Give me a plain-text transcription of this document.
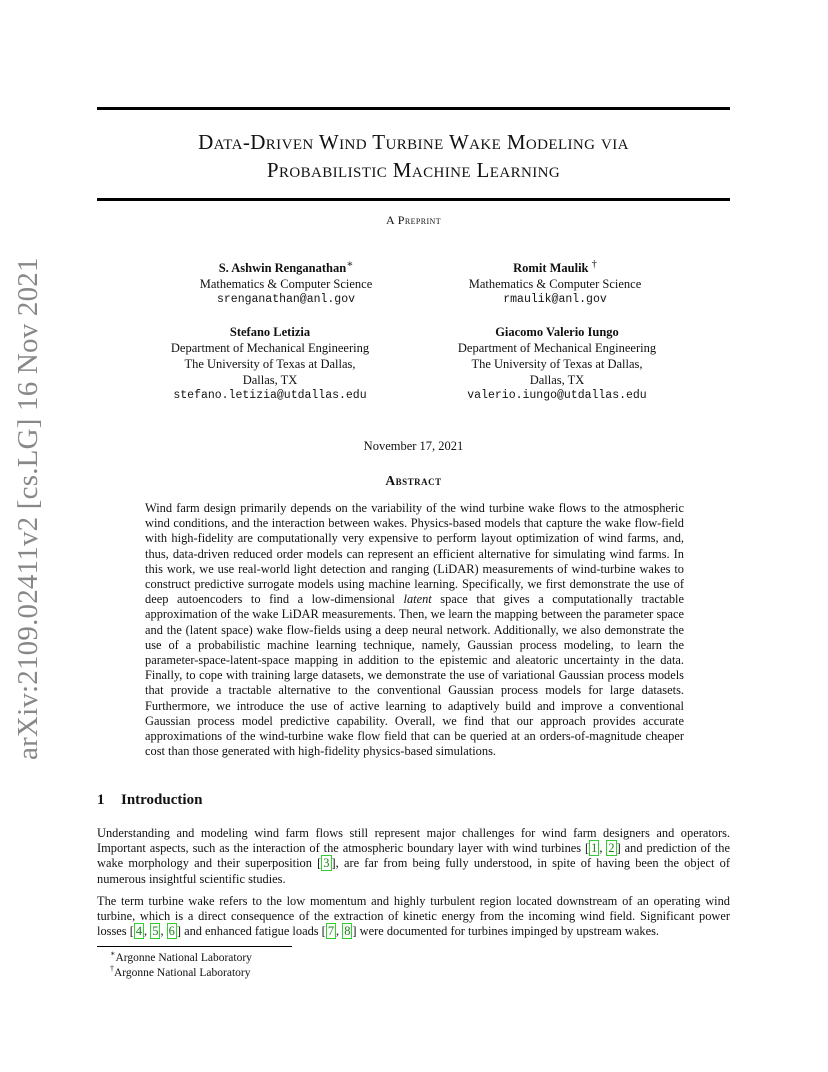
arXiv:2109.02411v2 [cs.LG] 16 Nov 2021
Data-Driven Wind Turbine Wake Modeling via
Probabilistic Machine Learning
A Preprint
S. Ashwin Renganathan∗
Mathematics & Computer Science
srenganathan@anl.gov
Romit Maulik †
Mathematics & Computer Science
rmaulik@anl.gov
Stefano Letizia
Department of Mechanical Engineering
The University of Texas at Dallas,
Dallas, TX
stefano.letizia@utdallas.edu
Giacomo Valerio Iungo
Department of Mechanical Engineering
The University of Texas at Dallas,
Dallas, TX
valerio.iungo@utdallas.edu
November 17, 2021
Abstract
Wind farm design primarily depends on the variability of the wind turbine wake flows to the atmospheric wind conditions, and the interaction between wakes. Physics-based models that capture the wake flow-field with high-fidelity are computationally very expensive to perform layout optimization of wind farms, and, thus, data-driven reduced order models can represent an efficient alternative for simulating wind farms. In this work, we use real-world light detection and ranging (LiDAR) measurements of wind-turbine wakes to construct predictive surrogate models using machine learning. Specifically, we first demonstrate the use of deep autoencoders to find a low-dimensional latent space that gives a computationally tractable approximation of the wake LiDAR measurements. Then, we learn the mapping between the parameter space and the (latent space) wake flow-fields using a deep neural network. Additionally, we also demonstrate the use of a probabilistic machine learning technique, namely, Gaussian process modeling, to learn the parameter-space-latent-space mapping in addition to the epistemic and aleatoric uncertainty in the data. Finally, to cope with training large datasets, we demonstrate the use of variational Gaussian process models that provide a tractable alternative to the conventional Gaussian process models for large datasets. Furthermore, we introduce the use of active learning to adaptively build and improve a conventional Gaussian process model predictive capability. Overall, we find that our approach provides accurate approximations of the wind-turbine wake flow field that can be queried at an orders-of-magnitude cheaper cost than those generated with high-fidelity physics-based simulations.
1 Introduction
Understanding and modeling wind farm flows still represent major challenges for wind farm designers and operators. Important aspects, such as the interaction of the atmospheric boundary layer with wind turbines [ 1 , 2 ] and prediction of the wake morphology and their superposition [ 3 ], are far from being fully understood, in spite of having been the object of numerous insightful scientific studies.
The term turbine wake refers to the low momentum and highly turbulent region located downstream of an operating wind turbine, which is a direct consequence of the extraction of kinetic energy from the incoming wind field. Significant power losses [ 4 , 5 , 6 ] and enhanced fatigue loads [ 7 , 8 ] were documented for turbines impinged by upstream wakes.
∗Argonne National Laboratory
†Argonne National Laboratory
